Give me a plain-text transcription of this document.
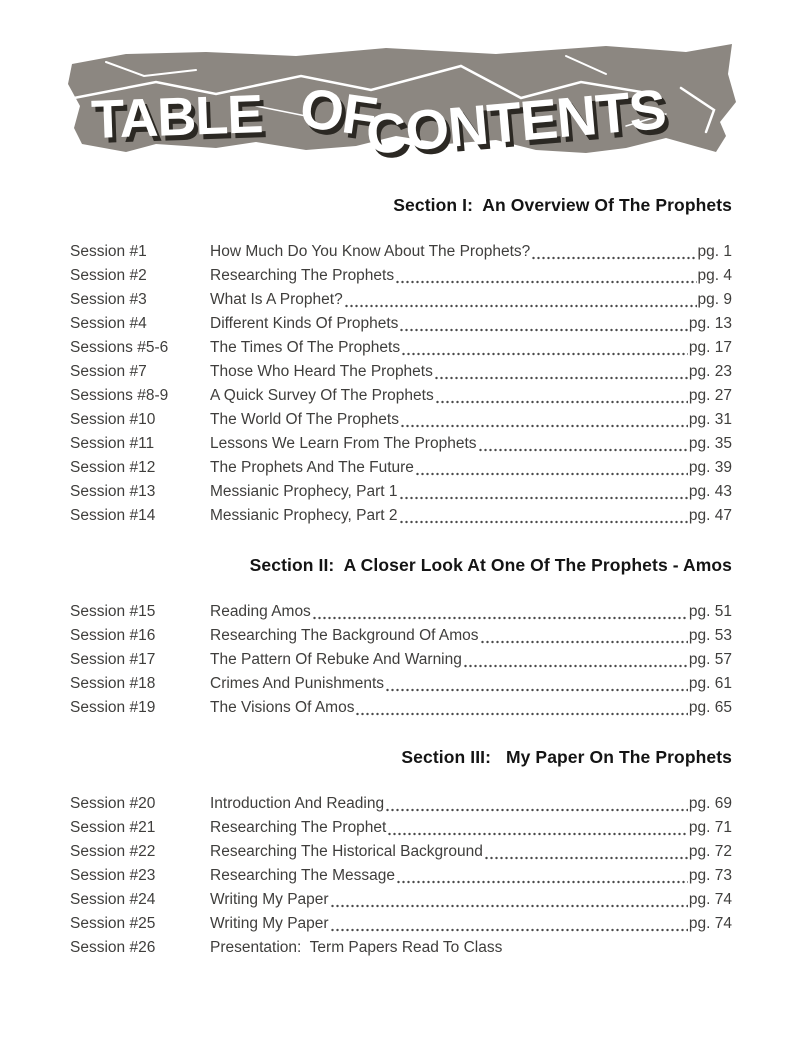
TABLE OF
CONTENTS
Section I:  An Overview Of The Prophets
Session #1	How Much Do You Know About The Prophets?	pg. 1
Session #2	Researching The Prophets	pg. 4
Session #3	What Is A Prophet?	pg. 9
Session #4	Different Kinds Of Prophets	pg. 13
Sessions #5-6	The Times Of The Prophets	pg. 17
Session #7	Those Who Heard The Prophets	pg. 23
Sessions #8-9	A Quick Survey Of The Prophets	pg. 27
Session #10	The World Of The Prophets	pg. 31
Session #11	Lessons We Learn From The Prophets	pg. 35
Session #12	The Prophets And The Future	pg. 39
Session #13	Messianic Prophecy, Part 1	pg. 43
Session #14	Messianic Prophecy, Part 2	pg. 47
Section II:  A Closer Look At One Of The Prophets - Amos
Session #15	Reading Amos	pg. 51
Session #16	Researching The Background Of Amos	pg. 53
Session #17	The Pattern Of Rebuke And Warning	pg. 57
Session #18	Crimes And Punishments	pg. 61
Session #19	The Visions Of Amos	pg. 65
Section III:   My Paper On The Prophets
Session #20	Introduction And Reading	pg. 69
Session #21	Researching The Prophet	pg. 71
Session #22	Researching The Historical Background	pg. 72
Session #23	Researching The Message	pg. 73
Session #24	Writing My Paper	pg. 74
Session #25	Writing My Paper	pg. 74
Session #26	Presentation:  Term Papers Read To Class
